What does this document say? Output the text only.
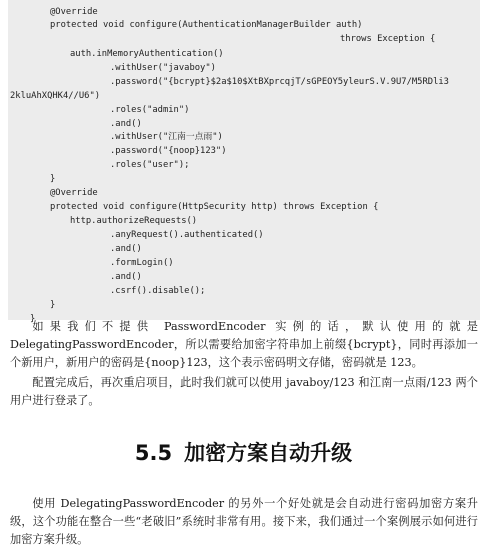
@Override
protected void configure(AuthenticationManagerBuilder auth)
throws Exception {
auth.inMemoryAuthentication()
.withUser("javaboy")
.password("{bcrypt}$2a$10$XtBXprcqjT/sGPEOY5yleurS.V.9U7/M5RDli3
2kluAhXQHK4//U6")
.roles("admin")
.and()
.withUser("江南一点雨")
.password("{noop}123")
.roles("user");
}
@Override
protected void configure(HttpSecurity http) throws Exception {
http.authorizeRequests()
.anyRequest().authenticated()
.and()
.formLogin()
.and()
.csrf().disable();
}
}

如果我们不提供 PasswordEncoder 实例的话，默认使用的就是 DelegatingPasswordEncoder，所以需要给加密字符串加上前缀{bcrypt}，同时再添加一个新用户，新用户的密码是{noop}123，这个表示密码明文存储，密码就是 123。

配置完成后，再次重启项目，此时我们就可以使用 javaboy/123 和江南一点雨/123 两个用户进行登录了。

5.5 加密方案自动升级

使用 DelegatingPasswordEncoder 的另外一个好处就是会自动进行密码加密方案升级，这个功能在整合一些“老破旧”系统时非常有用。接下来，我们通过一个案例展示如何进行加密方案升级。
